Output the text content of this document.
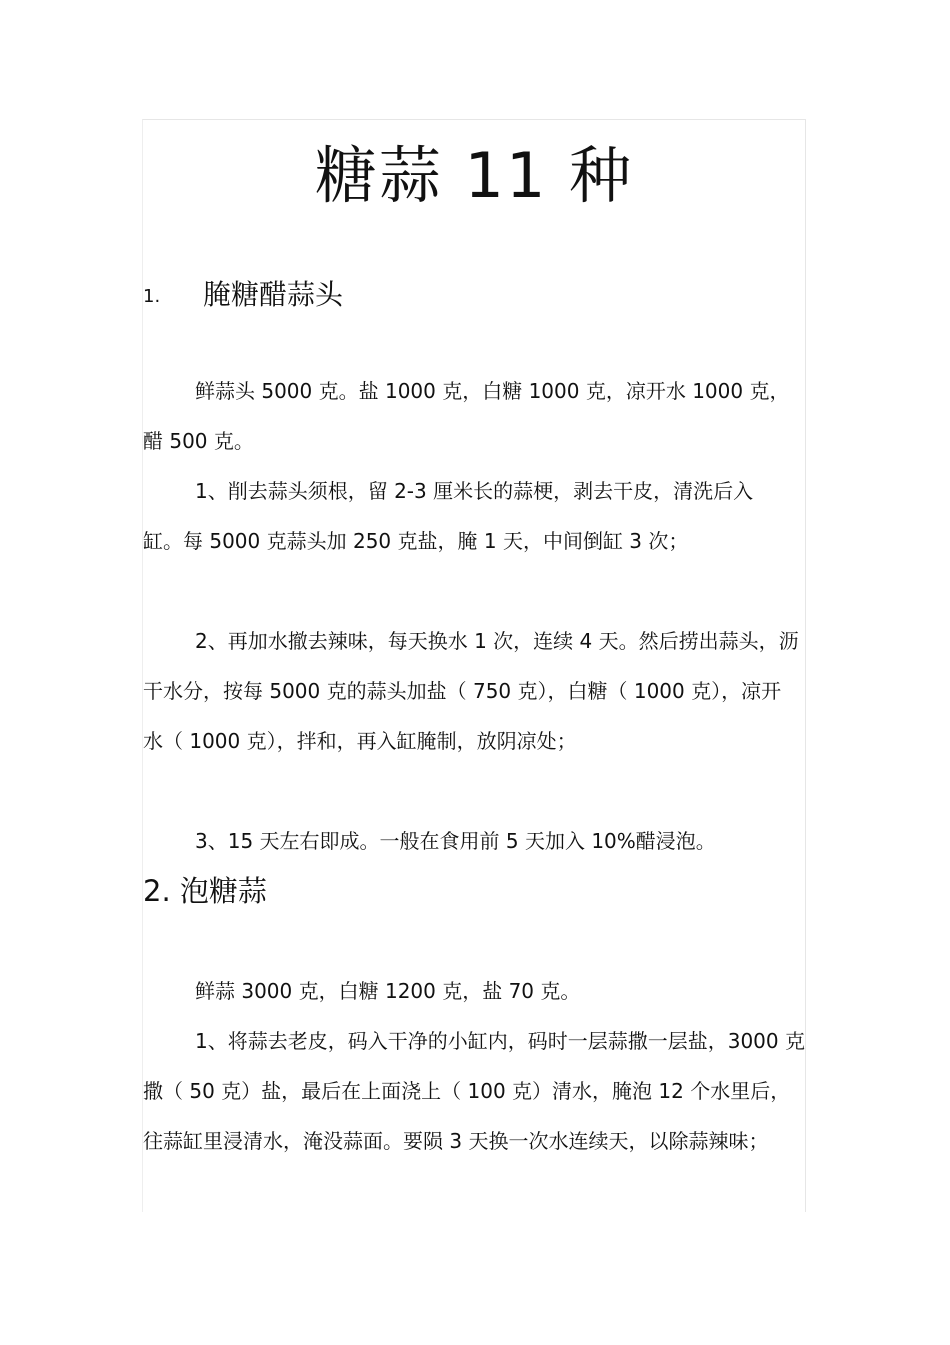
糖蒜 11 种
1. 腌糖醋蒜头

鲜蒜头 5000 克。盐 1000 克，白糖 1000 克，凉开水 1000 克，醋 500 克。

1、削去蒜头须根，留 2-3 厘米长的蒜梗，剥去干皮，清洗后入缸。每 5000 克蒜头加 250 克盐，腌 1 天，中间倒缸 3 次；

2、再加水撤去辣味，每天换水 1 次，连续 4 天。然后捞出蒜头，沥干水分，按每 5000 克的蒜头加盐（ 750 克），白糖（ 1000 克），凉开水（ 1000 克），拌和，再入缸腌制，放阴凉处；

3、15 天左右即成。一般在食用前 5 天加入 10%醋浸泡。

2. 泡糖蒜

鲜蒜 3000 克，白糖 1200 克，盐 70 克。

1、将蒜去老皮，码入干净的小缸内，码时一层蒜撒一层盐，3000 克撒（ 50 克）盐，最后在上面浇上（ 100 克）清水，腌泡 12 个水里后，往蒜缸里浸清水，淹没蒜面。要陨 3 天换一次水连续天，以除蒜辣味；
